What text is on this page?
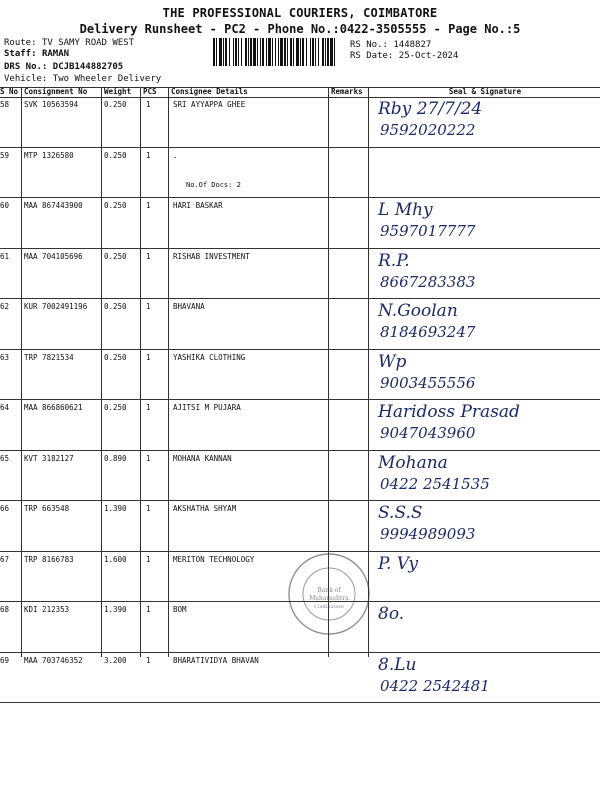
THE PROFESSIONAL COURIERS, COIMBATORE
Delivery Runsheet - PC2 - Phone No.:0422-3505555 - Page No.:5
Route: TV SAMY ROAD WEST
Staff: RAMAN
DRS No.: DCJB144882705
Vehicle: Two Wheeler Delivery
RS No.: 1448827
RS Date: 25-Oct-2024
S No Consignment No	Weight	PCS	Consignee Details	Remarks	Seal & Signature
58 SVK 10563594	0.250	1	SRI AYYAPPA GHEE	Rby 27/7/24
9592020222
59 MTP 1326580	0.250	1	.
No.Of Docs: 2
60 MAA 867443900	0.250	1	HARI BASKAR	L Mhy
9597017777
61 MAA 704105696	0.250	1	RISHAB INVESTMENT	R.P.
8667283383
62 KUR 7002491196 0.250	1	BHAVANA	N.Goolan
8184693247
63 TRP 7821534	0.250	1	YASHIKA CLOTHING	Wp
9003455556
64 MAA 866860621	0.250	1	AJITSI M PUJARA	Haridoss Prasad
9047043960
65 KVT 3182127	0.890	1	MOHANA KANNAN	Mohana
0422 2541535
66 TRP 663548	1.390	1	AKSHATHA SHYAM	S.S.S
9994989093
67 TRP 8166783	1.600	1	MERITON TECHNOLOGY	P. Vy
68 KDI 212353	1.390	1	BOM	8o.
69 MAA 703746352	3.200	1	BHARATIVIDYA BHAVAN	8.Lu
0422 2542481
Bank of
Maharashtra
Coimbatore
